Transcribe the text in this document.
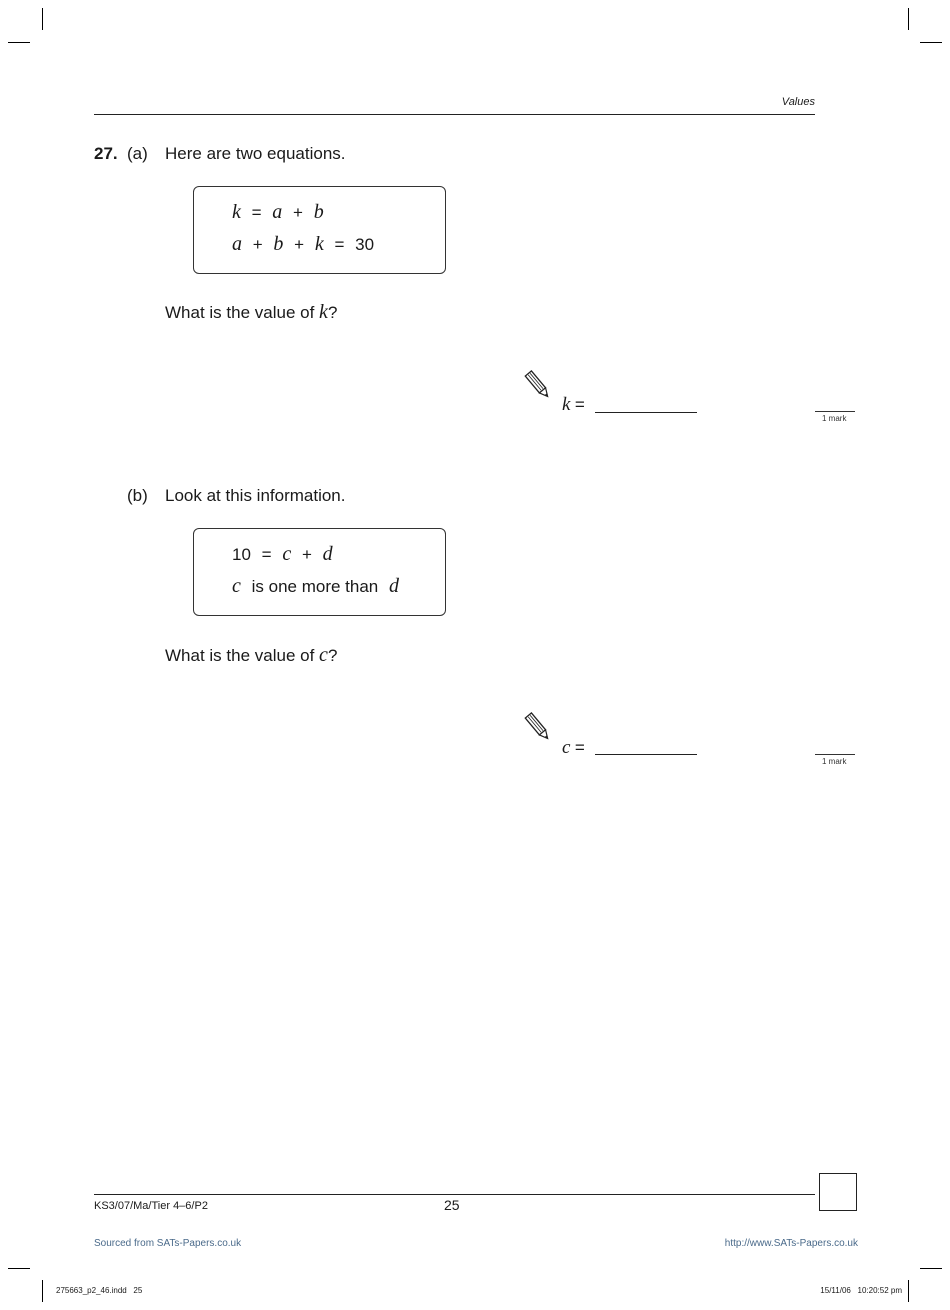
Values
27. (a) Here are two equations.
k = a + b
a + b + k = 30
What is the value of k?
k =
1 mark
(b) Look at this information.
10 = c + d
c is one more than d
What is the value of c?
c =
1 mark
KS3/07/Ma/Tier 4–6/P2	25
Sourced from SATs-Papers.co.uk	http://www.SATs-Papers.co.uk
275663_p2_46.indd   25	15/11/06   10:20:52 pm
